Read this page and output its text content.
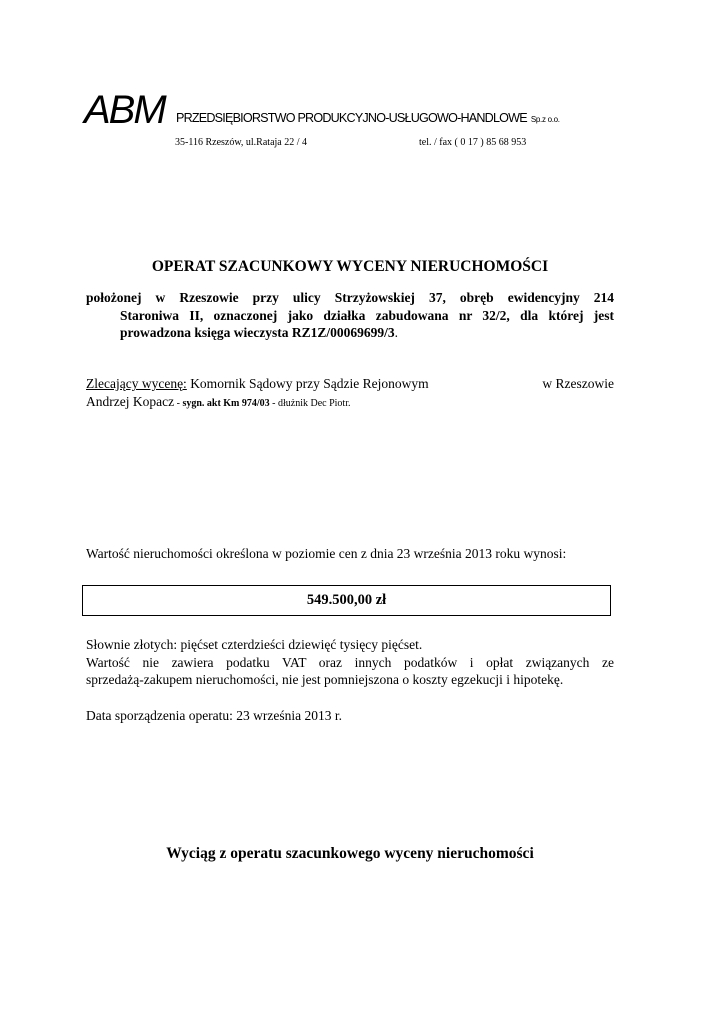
ABM PRZEDSIĘBIORSTWO PRODUKCYJNO-USŁUGOWO-HANDLOWE Sp.z o.o.
35-116 Rzeszów, ul.Rataja 22 / 4	tel. / fax ( 0 17 ) 85 68 953
OPERAT SZACUNKOWY WYCENY NIERUCHOMOŚCI
położonej w Rzeszowie przy ulicy Strzyżowskiej 37, obręb ewidencyjny 214
Staroniwa II, oznaczonej jako działka zabudowana nr 32/2, dla której jest
prowadzona księga wieczysta RZ1Z/00069699/3.
Zlecający wycenę: Komornik Sądowy przy Sądzie Rejonowym	w Rzeszowie
Andrzej Kopacz - sygn. akt Km 974/03 - dłużnik Dec Piotr.
Wartość nieruchomości określona w poziomie cen z dnia 23 września 2013 roku wynosi:
549.500,00 zł
Słownie złotych: pięćset czterdzieści dziewięć tysięcy pięćset.
Wartość nie zawiera podatku VAT oraz innych podatków i opłat związanych ze
sprzedażą-zakupem nieruchomości, nie jest pomniejszona o koszty egzekucji i hipotekę.
Data sporządzenia operatu: 23 września 2013 r.
Wyciąg z operatu szacunkowego wyceny nieruchomości
